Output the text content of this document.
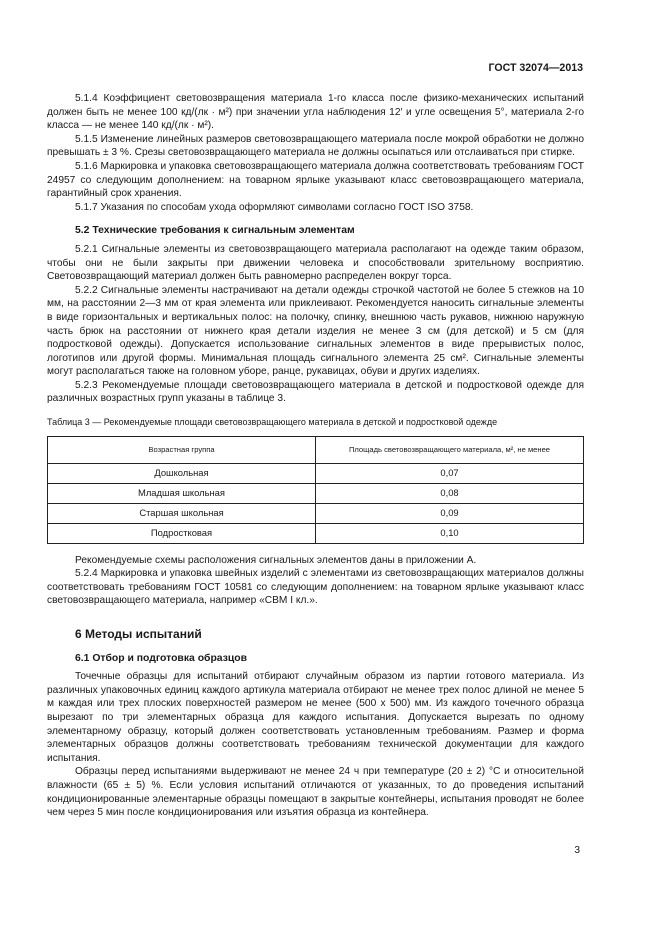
ГОСТ 32074—2013

5.1.4 Коэффициент световозвращения материала 1-го класса после физико-механических испытаний должен быть не менее 100 кд/(лк · м²) при значении угла наблюдения 12′ и угле освещения 5°, материала 2-го класса — не менее 140 кд/(лк · м²).

5.1.5 Изменение линейных размеров световозвращающего материала после мокрой обработки не должно превышать ± 3 %. Срезы световозвращающего материала не должны осыпаться или отслаиваться при стирке.

5.1.6 Маркировка и упаковка световозвращающего материала должна соответствовать требованиям ГОСТ 24957 со следующим дополнением: на товарном ярлыке указывают класс световозвращающего материала, гарантийный срок хранения.

5.1.7 Указания по способам ухода оформляют символами согласно ГОСТ ISO 3758.

5.2 Технические требования к сигнальным элементам

5.2.1 Сигнальные элементы из световозвращающего материала располагают на одежде таким образом, чтобы они не были закрыты при движении человека и способствовали зрительному восприятию. Световозвращающий материал должен быть равномерно распределен вокруг торса.

5.2.2 Сигнальные элементы настрачивают на детали одежды строчкой частотой не более 5 стежков на 10 мм, на расстоянии 2—3 мм от края элемента или приклеивают. Рекомендуется наносить сигнальные элементы в виде горизонтальных и вертикальных полос: на полочку, спинку, внешнюю часть рукавов, нижнюю наружную часть брюк на расстоянии от нижнего края детали изделия не менее 3 см (для детской) и 5 см (для подростковой одежды). Допускается использование сигнальных элементов в виде прерывистых полос, логотипов или другой формы. Минимальная площадь сигнального элемента 25 см². Сигнальные элементы могут располагаться также на головном уборе, ранце, рукавицах, обуви и других изделиях.

5.2.3 Рекомендуемые площади световозвращающего материала в детской и подростковой одежде для различных возрастных групп указаны в таблице 3.

Таблица 3 — Рекомендуемые площади световозвращающего материала в детской и подростковой одежде

Возрастная группа	Площадь световозвращающего материала, м², не менее
Дошкольная	0,07
Младшая школьная	0,08
Старшая школьная	0,09
Подростковая	0,10

Рекомендуемые схемы расположения сигнальных элементов даны в приложении А.

5.2.4 Маркировка и упаковка швейных изделий с элементами из световозвращающих материалов должны соответствовать требованиям ГОСТ 10581 со следующим дополнением: на товарном ярлыке указывают класс световозвращающего материала, например «СВМ I кл.».

6 Методы испытаний

6.1 Отбор и подготовка образцов

Точечные образцы для испытаний отбирают случайным образом из партии готового материала. Из различных упаковочных единиц каждого артикула материала отбирают не менее трех полос длиной не менее 5 м каждая или трех плоских поверхностей размером не менее (500 х 500) мм. Из каждого точечного образца вырезают по три элементарных образца для каждого испытания. Допускается вырезать по одному элементарному образцу, который должен соответствовать установленным требованиям. Размер и форма элементарных образцов должны соответствовать требованиям технической документации для каждого испытания.

Образцы перед испытаниями выдерживают не менее 24 ч при температуре (20 ± 2) °С и относительной влажности (65 ± 5) %. Если условия испытаний отличаются от указанных, то до проведения испытаний кондиционированные элементарные образцы помещают в закрытые контейнеры, испытания проводят не более чем через 5 мин после кондиционирования или изъятия образца из контейнера.

3
